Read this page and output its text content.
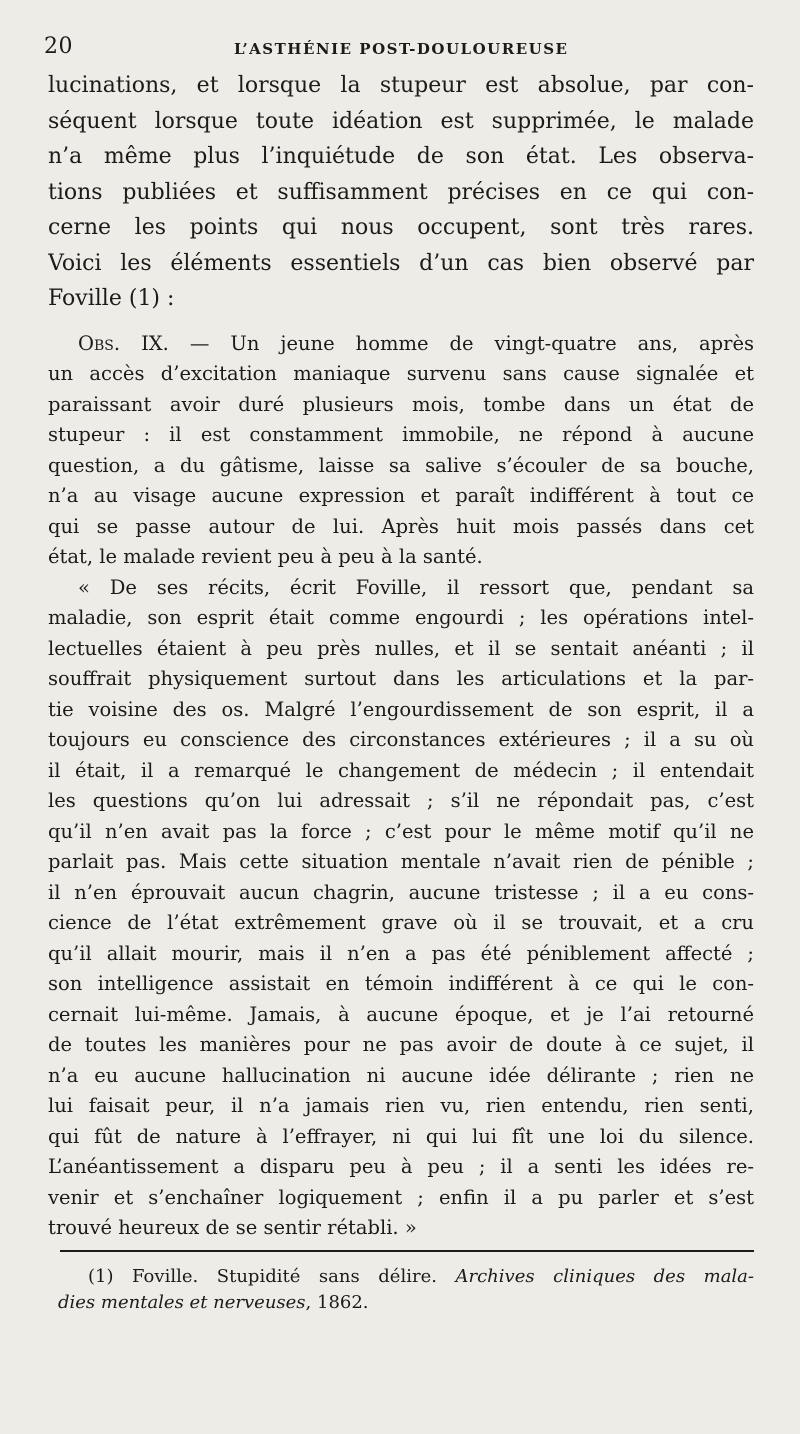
20	L’ASTHÉNIE POST-DOULOUREUSE
lucinations, et lorsque la stupeur est absolue, par con-
séquent lorsque toute idéation est supprimée, le malade
n’a même plus l’inquiétude de son état. Les observa-
tions publiées et suffisamment précises en ce qui con-
cerne les points qui nous occupent, sont très rares.
Voici les éléments essentiels d’un cas bien observé par
Foville (1) :
Obs. IX. — Un jeune homme de vingt-quatre ans, après
un accès d’excitation maniaque survenu sans cause signalée et
paraissant avoir duré plusieurs mois, tombe dans un état de
stupeur : il est constamment immobile, ne répond à aucune
question, a du gâtisme, laisse sa salive s’écouler de sa bouche,
n’a au visage aucune expression et paraît indifférent à tout ce
qui se passe autour de lui. Après huit mois passés dans cet
état, le malade revient peu à peu à la santé.
« De ses récits, écrit Foville, il ressort que, pendant sa
maladie, son esprit était comme engourdi ; les opérations intel-
lectuelles étaient à peu près nulles, et il se sentait anéanti ; il
souffrait physiquement surtout dans les articulations et la par-
tie voisine des os. Malgré l’engourdissement de son esprit, il a
toujours eu conscience des circonstances extérieures ; il a su où
il était, il a remarqué le changement de médecin ; il entendait
les questions qu’on lui adressait ; s’il ne répondait pas, c’est
qu’il n’en avait pas la force ; c’est pour le même motif qu’il ne
parlait pas. Mais cette situation mentale n’avait rien de pénible ;
il n’en éprouvait aucun chagrin, aucune tristesse ; il a eu cons-
cience de l’état extrêmement grave où il se trouvait, et a cru
qu’il allait mourir, mais il n’en a pas été péniblement affecté ;
son intelligence assistait en témoin indifférent à ce qui le con-
cernait lui-même. Jamais, à aucune époque, et je l’ai retourné
de toutes les manières pour ne pas avoir de doute à ce sujet, il
n’a eu aucune hallucination ni aucune idée délirante ; rien ne
lui faisait peur, il n’a jamais rien vu, rien entendu, rien senti,
qui fût de nature à l’effrayer, ni qui lui fît une loi du silence.
L’anéantissement a disparu peu à peu ; il a senti les idées re-
venir et s’enchaîner logiquement ; enfin il a pu parler et s’est
trouvé heureux de se sentir rétabli. »
(1) Foville. Stupidité sans délire. Archives cliniques des mala-
dies mentales et nerveuses, 1862.
